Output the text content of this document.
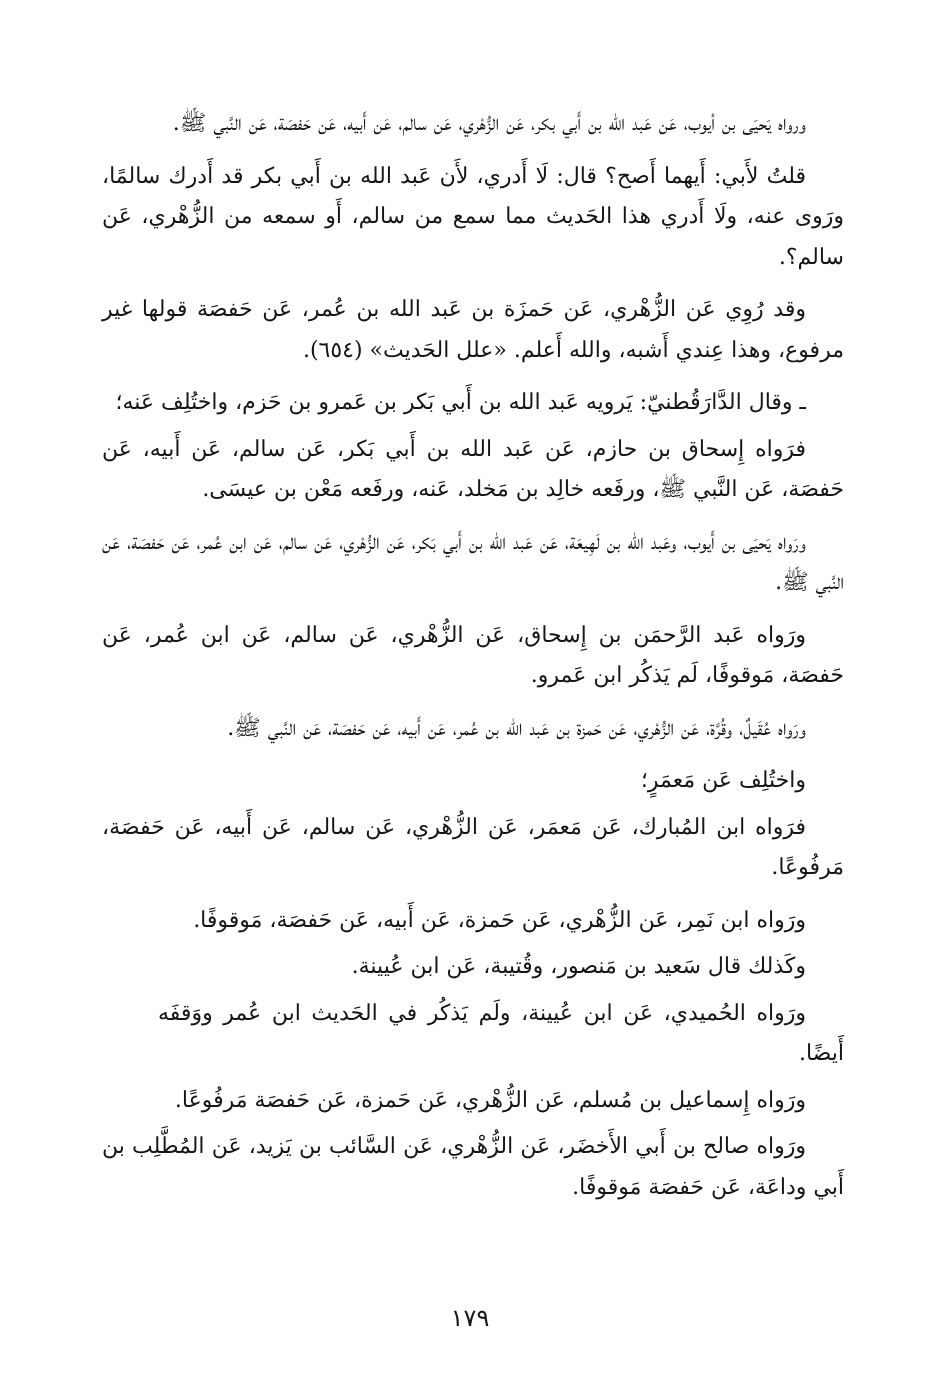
ورواه يَحيَى بن أيوب، عَن عَبد الله بن أَبي بكر، عَن الزُّهْري، عَن سالم، عَن أَبيه، عَن حَفصَة، عَن النَّبي ﷺ.

قلتُ لأَبي: أَيهما أَصح؟ قال: لَا أَدري، لأَن عَبد الله بن أَبي بكر قد أَدرك سالمًا، ورَوى عنه، ولَا أَدري هذا الحَديث مما سمع من سالم، أَو سمعه من الزُّهْري، عَن سالم؟.

وقد رُوِي عَن الزُّهْري، عَن حَمزَة بن عَبد الله بن عُمر، عَن حَفصَة قولها غير مرفوع، وهذا عِندي أَشبه، والله أَعلم. «علل الحَديث» (٦٥٤).

ـ وقال الدَّارَقُطنيّ: يَرويه عَبد الله بن أَبي بَكر بن عَمرو بن حَزم، واختُلِف عَنه؛

فرَواه إِسحاق بن حازم، عَن عَبد الله بن أَبي بَكر، عَن سالم، عَن أَبيه، عَن حَفصَة، عَن النَّبي ﷺ، ورفَعه خالِد بن مَخلد، عَنه، ورفَعه مَعْن بن عيسَى.

ورَواه يَحيَى بن أَيوب، وعَبد الله بن لَهِيعَة، عَن عَبد الله بن أَبي بَكر، عَن الزُّهْري، عَن سالم، عَن ابن عُمر، عَن حَفصَة، عَن النَّبي ﷺ.

ورَواه عَبد الرَّحمَن بن إِسحاق، عَن الزُّهْري، عَن سالم، عَن ابن عُمر، عَن حَفصَة، مَوقوفًا، لَم يَذكُر ابن عَمرو.

ورَواه عُقَيلٌ، وقُرَّة، عَن الزُّهْري، عَن حَمزة بن عَبد الله بن عُمر، عَن أَبيه، عَن حَفصَة، عَن النَّبي ﷺ.

واختُلِف عَن مَعمَرٍ؛

فرَواه ابن المُبارك، عَن مَعمَر، عَن الزُّهْري، عَن سالم، عَن أَبيه، عَن حَفصَة، مَرفُوعًا.

ورَواه ابن نَمِر، عَن الزُّهْري، عَن حَمزة، عَن أَبيه، عَن حَفصَة، مَوقوفًا.

وكَذلك قال سَعيد بن مَنصور، وقُتيبة، عَن ابن عُيينة.

ورَواه الحُميدي، عَن ابن عُيينة، ولَم يَذكُر في الحَديث ابن عُمر ووَقفَه أَيضًا.

ورَواه إِسماعيل بن مُسلم، عَن الزُّهْري، عَن حَمزة، عَن حَفصَة مَرفُوعًا.

ورَواه صالح بن أَبي الأَخضَر، عَن الزُّهْري، عَن السَّائب بن يَزيد، عَن المُطَّلِب بن أَبي وداعَة، عَن حَفصَة مَوقوفًا.

١٧٩
